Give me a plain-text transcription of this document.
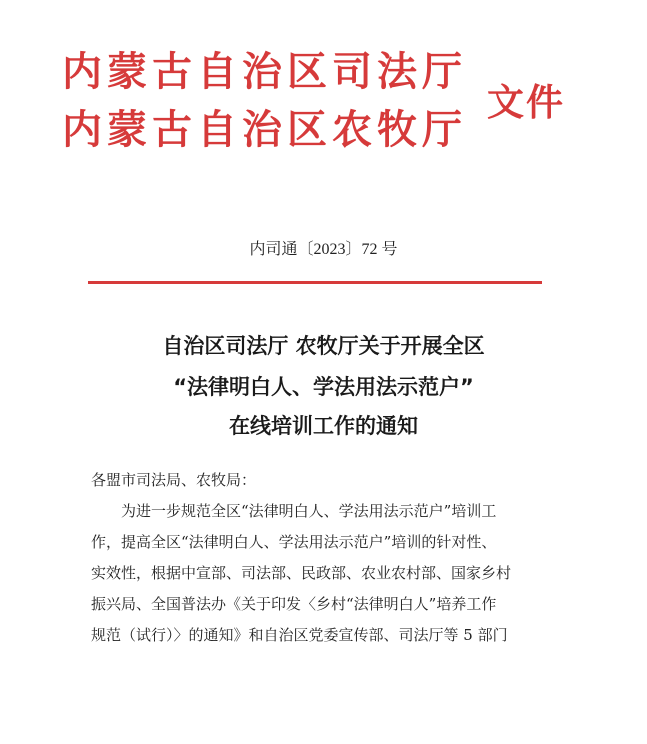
内蒙古自治区司法厅
内蒙古自治区农牧厅
文件
内司通〔2023〕72 号
自治区司法厅 农牧厅关于开展全区
“法律明白人、学法用法示范户”
在线培训工作的通知
各盟市司法局、农牧局：
为进一步规范全区“法律明白人、学法用法示范户”培训工
作，提高全区“法律明白人、学法用法示范户”培训的针对性、
实效性，根据中宣部、司法部、民政部、农业农村部、国家乡村
振兴局、全国普法办《关于印发〈乡村“法律明白人”培养工作
规范（试行）〉的通知》和自治区党委宣传部、司法厅等 5 部门
